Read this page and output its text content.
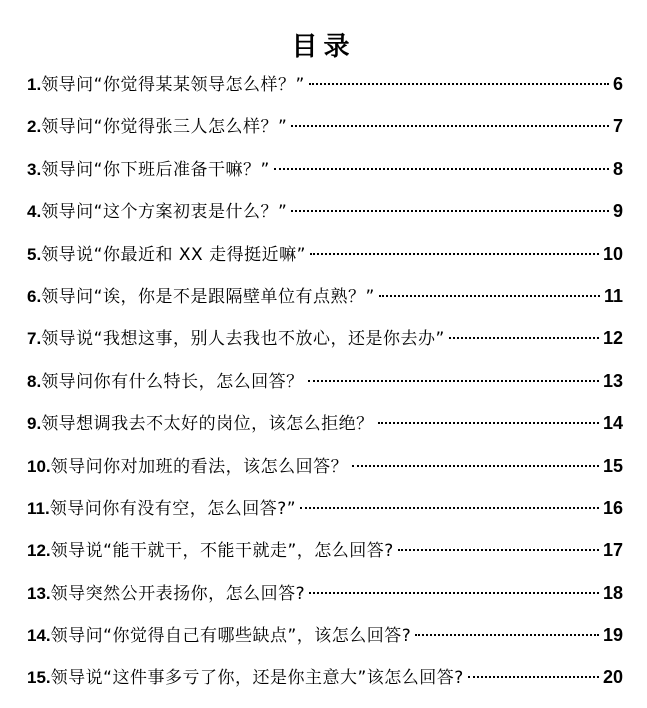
目录
1. 领导问“你觉得某某领导怎么样？”	6
2. 领导问“你觉得张三人怎么样？”	7
3. 领导问“你下班后准备干嘛？”	8
4. 领导问“这个方案初衷是什么？”	9
5. 领导说“你最近和 XX 走得挺近嘛”	10
6. 领导问“诶，你是不是跟隔壁单位有点熟？”	11
7. 领导说“我想这事，别人去我也不放心，还是你去办”	12
8. 领导问你有什么特长，怎么回答？	13
9. 领导想调我去不太好的岗位，该怎么拒绝？	14
10. 领导问你对加班的看法，该怎么回答？	15
11. 领导问你有没有空，怎么回答?”	16
12. 领导说“能干就干，不能干就走”，怎么回答?	17
13. 领导突然公开表扬你，怎么回答?	18
14. 领导问“你觉得自己有哪些缺点”，该怎么回答?	19
15. 领导说“这件事多亏了你，还是你主意大”该怎么回答?	20
